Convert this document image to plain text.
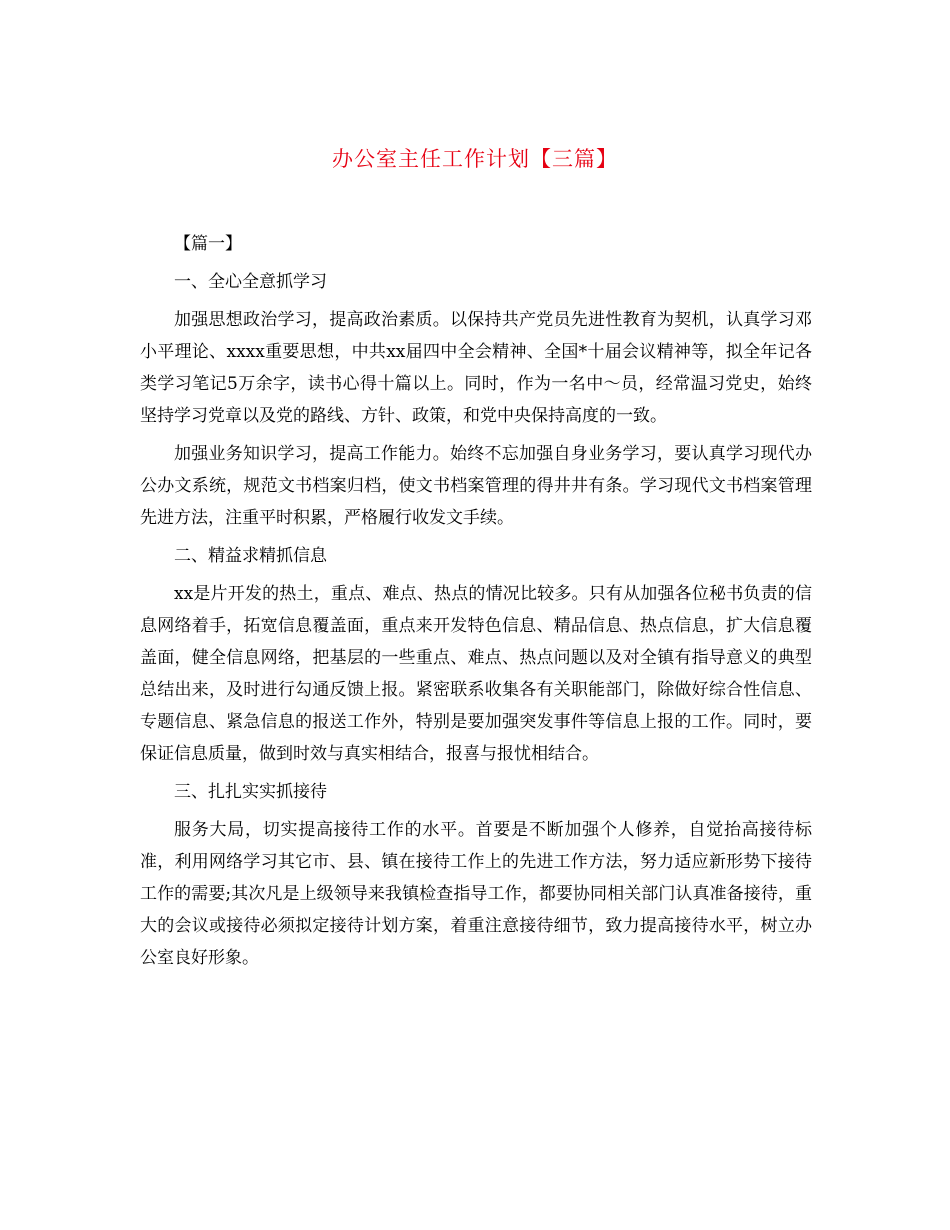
办公室主任工作计划【三篇】

【篇一】

一、全心全意抓学习

加强思想政治学习，提高政治素质。以保持共产党员先进性教育为契机，认真学习邓小平理论、xxxx重要思想，中共xx届四中全会精神、全国*十届会议精神等，拟全年记各类学习笔记5万余字，读书心得十篇以上。同时，作为一名中～员，经常温习党史，始终坚持学习党章以及党的路线、方针、政策，和党中央保持高度的一致。

加强业务知识学习，提高工作能力。始终不忘加强自身业务学习，要认真学习现代办公办文系统，规范文书档案归档，使文书档案管理的得井井有条。学习现代文书档案管理先进方法，注重平时积累，严格履行收发文手续。

二、精益求精抓信息

xx是片开发的热土，重点、难点、热点的情况比较多。只有从加强各位秘书负责的信息网络着手，拓宽信息覆盖面，重点来开发特色信息、精品信息、热点信息，扩大信息覆盖面，健全信息网络，把基层的一些重点、难点、热点问题以及对全镇有指导意义的典型总结出来，及时进行勾通反馈上报。紧密联系收集各有关职能部门，除做好综合性信息、专题信息、紧急信息的报送工作外，特别是要加强突发事件等信息上报的工作。同时，要保证信息质量，做到时效与真实相结合，报喜与报忧相结合。

三、扎扎实实抓接待

服务大局，切实提高接待工作的水平。首要是不断加强个人修养，自觉抬高接待标准，利用网络学习其它市、县、镇在接待工作上的先进工作方法，努力适应新形势下接待工作的需要;其次凡是上级领导来我镇检查指导工作，都要协同相关部门认真准备接待，重大的会议或接待必须拟定接待计划方案，着重注意接待细节，致力提高接待水平，树立办公室良好形象。
